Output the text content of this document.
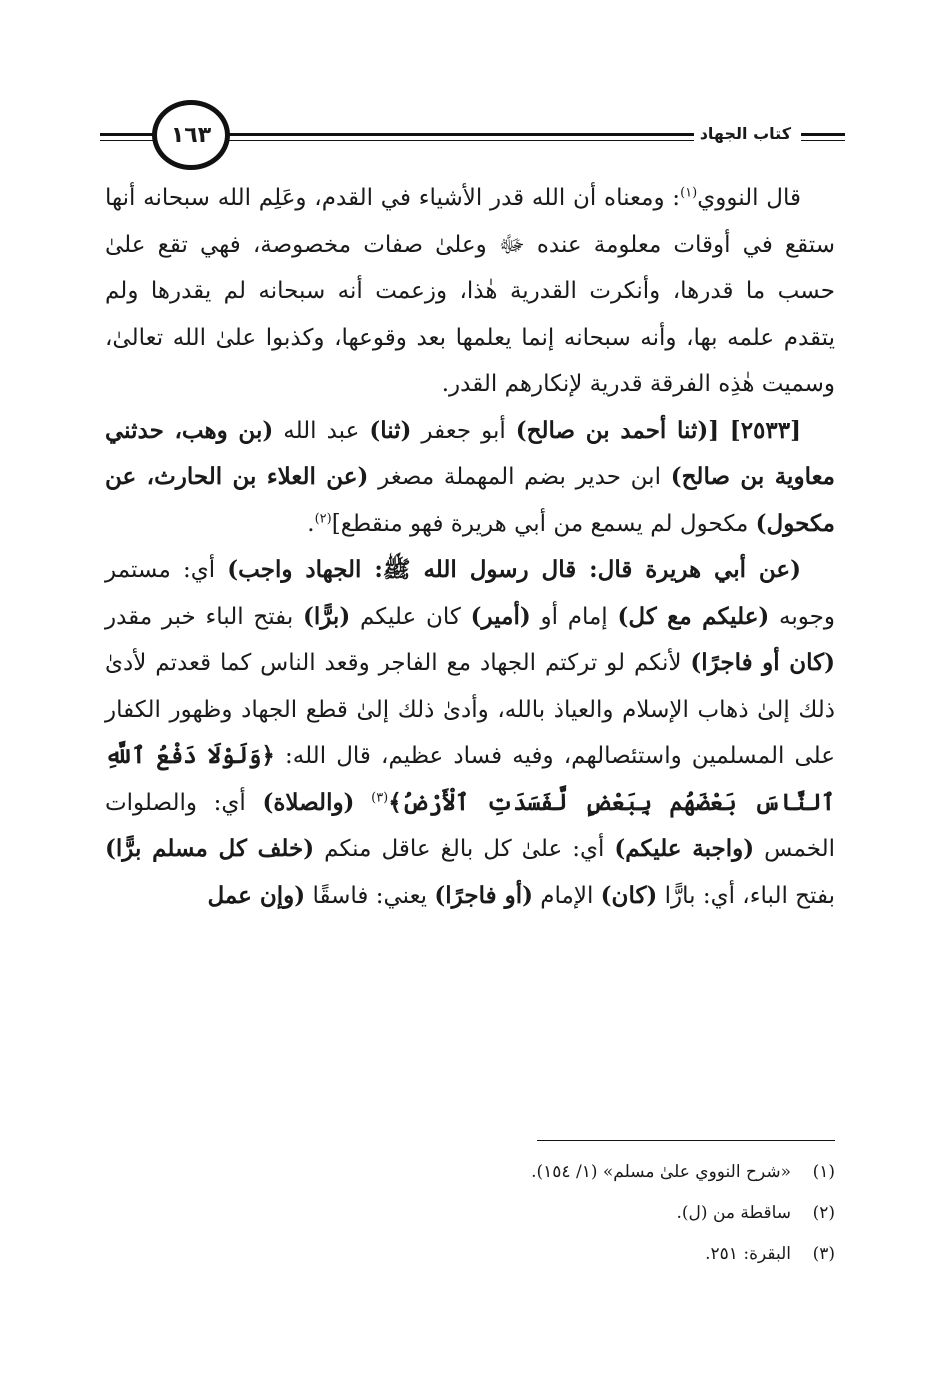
كتاب الجهاد
١٦٣

قال النووي$^{(١)}$: ومعناه أن الله قدر الأشياء في القدم، وعَلِم الله سبحانه أنها ستقع في أوقات معلومة عنده ﷻ وعلىٰ صفات مخصوصة، فهي تقع علىٰ حسب ما قدرها، وأنكرت القدرية هٰذا، وزعمت أنه سبحانه لم يقدرها ولم يتقدم علمه بها، وأنه سبحانه إنما يعلمها بعد وقوعها، وكذبوا علىٰ الله تعالىٰ، وسميت هٰذِه الفرقة قدرية لإنكارهم القدر.

[٢٥٣٣] [(ثنا أحمد بن صالح) أبو جعفر (ثنا) عبد الله (بن وهب، حدثني معاوية بن صالح) ابن حدير بضم المهملة مصغر (عن العلاء بن الحارث، عن مكحول) مكحول لم يسمع من أبي هريرة فهو منقطع]$^{(٢)}$.

(عن أبي هريرة قال: قال رسول الله ﷺ: الجهاد واجب) أي: مستمر وجوبه (عليكم مع كل) إمام أو (أمير) كان عليكم (برًّا) بفتح الباء خبر مقدر (كان أو فاجرًا) لأنكم لو تركتم الجهاد مع الفاجر وقعد الناس كما قعدتم لأدىٰ ذلك إلىٰ ذهاب الإسلام والعياذ بالله، وأدىٰ ذلك إلىٰ قطع الجهاد وظهور الكفار على المسلمين واستئصالهم، وفيه فساد عظيم، قال الله: ﴿وَلَوْلَا دَفْعُ ٱللَّهِ ٱلنَّاسَ بَعْضَهُم بِبَعْضٍ لَّفَسَدَتِ ٱلْأَرْضُ﴾$^{(٣)}$ (والصلاة) أي: والصلوات الخمس (واجبة عليكم) أي: علىٰ كل بالغ عاقل منكم (خلف كل مسلم برًّا) بفتح الباء، أي: بارًّا (كان) الإمام (أو فاجرًا) يعني: فاسقًا (وإن عمل

(١)
«شرح النووي علىٰ مسلم» (١/ ١٥٤).
(٢)
ساقطة من (ل).
(٣)
البقرة: ٢٥١.
